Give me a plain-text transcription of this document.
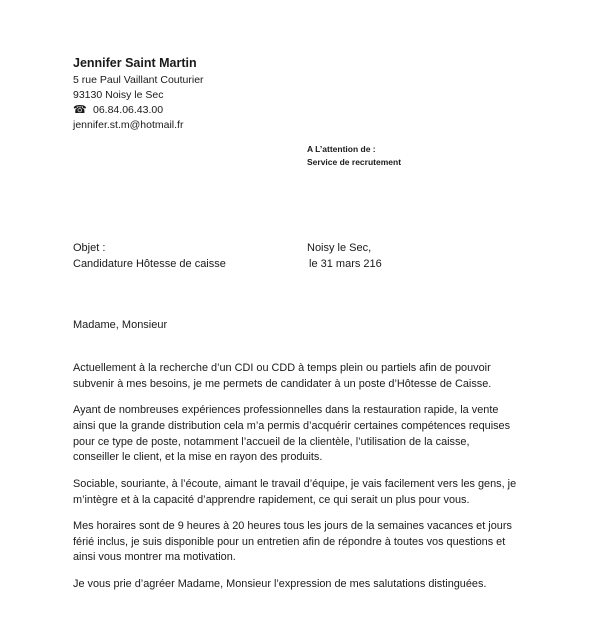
Jennifer Saint Martin
5 rue Paul Vaillant Couturier
93130 Noisy le Sec
☎ 06.84.06.43.00
jennifer.st.m@hotmail.fr
A L’attention de :
Service de recrutement
Objet :
Candidature Hôtesse de caisse
Noisy le Sec,
le 31 mars 216
Madame, Monsieur

Actuellement à la recherche d’un CDI ou CDD à temps plein ou partiels afin de pouvoir
subvenir à mes besoins, je me permets de candidater à un poste d’Hôtesse de Caisse.

Ayant de nombreuses expériences professionnelles dans la restauration rapide, la vente
ainsi que la grande distribution cela m’a permis d’acquérir certaines compétences requises
pour ce type de poste, notamment l’accueil de la clientèle, l’utilisation de la caisse,
conseiller le client, et la mise en rayon des produits.

Sociable, souriante, à l’écoute, aimant le travail d’équipe, je vais facilement vers les gens, je
m’intègre et à la capacité d’apprendre rapidement, ce qui serait un plus pour vous.

Mes horaires sont de 9 heures à 20 heures tous les jours de la semaines vacances et jours
férié inclus, je suis disponible pour un entretien afin de répondre à toutes vos questions et
ainsi vous montrer ma motivation.

Je vous prie d’agréer Madame, Monsieur l’expression de mes salutations distinguées.
